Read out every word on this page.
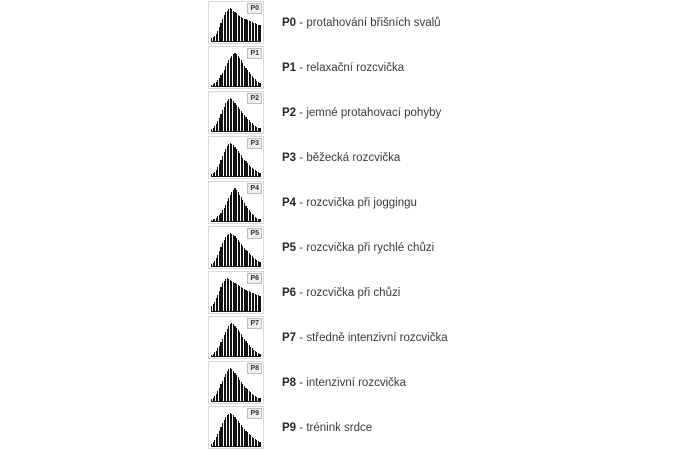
P0
P0 - protahování břišních svalů
P1
P1 - relaxační rozcvička
P2
P2 - jemné protahovací pohyby
P3
P3 - běžecká rozcvička
P4
P4 - rozcvička při joggingu
P5
P5 - rozcvička při rychlé chůzi
P6
P6 - rozcvička při chůzi
P7
P7 - středně intenzivní rozcvička
P8
P8 - intenzivní rozcvička
P9
P9 - trénink srdce
